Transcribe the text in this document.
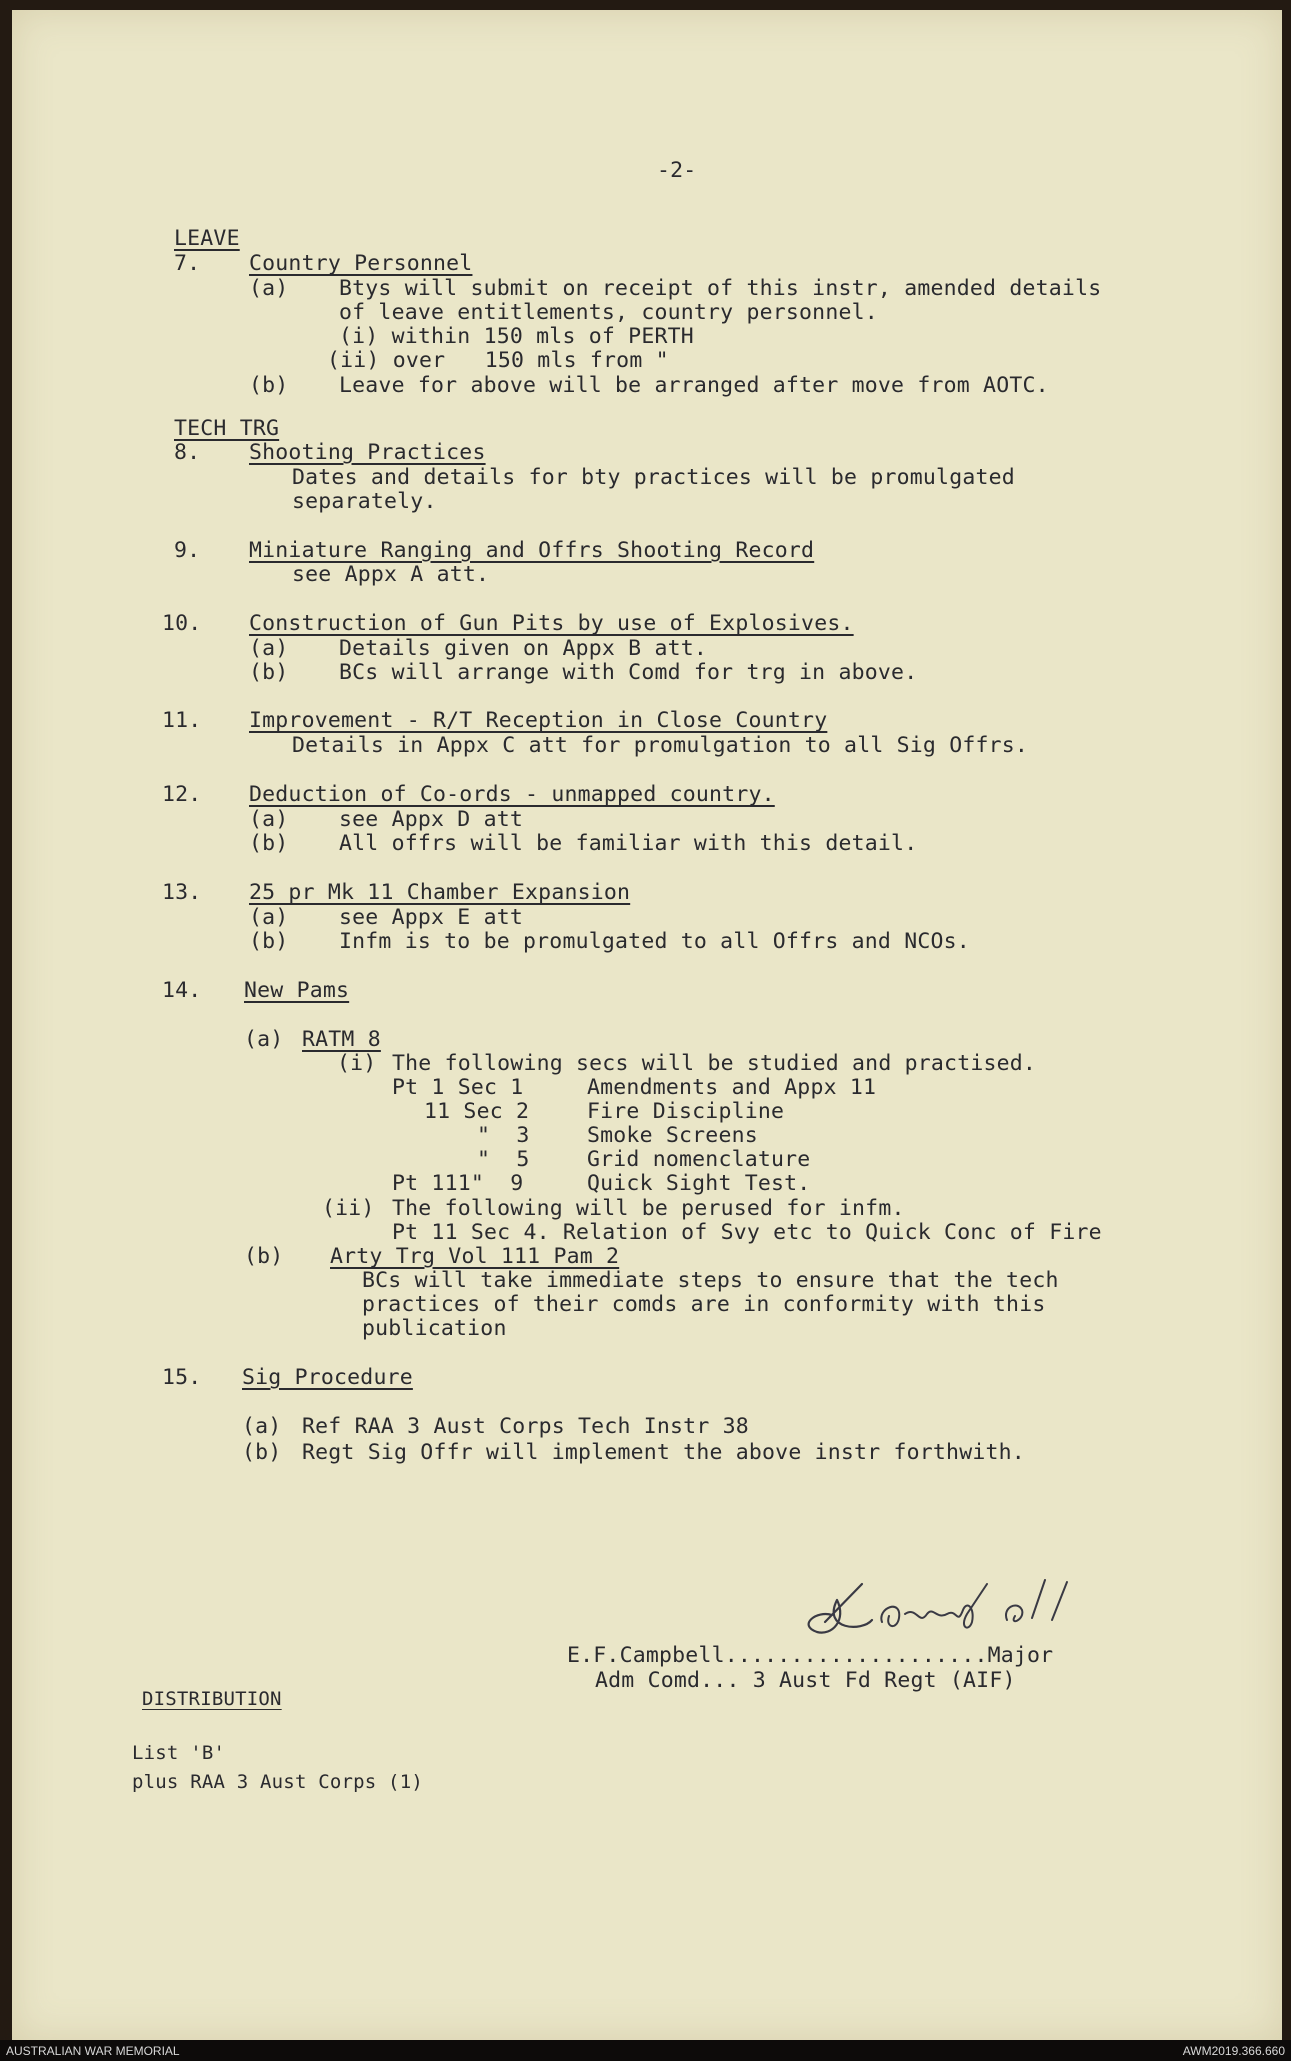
-2-
LEAVE
7. Country Personnel
(a) Btys will submit on receipt of this instr, amended details
of leave entitlements, country personnel.
(i) within 150 mls of PERTH
(ii) over   150 mls from "
(b) Leave for above will be arranged after move from AOTC.
TECH TRG
8. Shooting Practices
Dates and details for bty practices will be promulgated
separately.
9. Miniature Ranging and Offrs Shooting Record
see Appx A att.
10. Construction of Gun Pits by use of Explosives.
(a) Details given on Appx B att.
(b) BCs will arrange with Comd for trg in above.
11. Improvement - R/T Reception in Close Country
Details in Appx C att for promulgation to all Sig Offrs.
12. Deduction of Co-ords - unmapped country.
(a) see Appx D att
(b) All offrs will be familiar with this detail.
13. 25 pr Mk 11 Chamber Expansion
(a) see Appx E att
(b) Infm is to be promulgated to all Offrs and NCOs.
14. New Pams
(a) RATM 8
(i) The following secs will be studied and practised.
Pt 1 Sec 1	Amendments and Appx 11
11 Sec 2	Fire Discipline
"  3	Smoke Screens
"  5	Grid nomenclature
Pt 111"  9	Quick Sight Test.
(ii) The following will be perused for infm.
Pt 11 Sec 4. Relation of Svy etc to Quick Conc of Fire
(b) Arty Trg Vol 111 Pam 2
BCs will take immediate steps to ensure that the tech
practices of their comds are in conformity with this
publication
15. Sig Procedure
(a) Ref RAA 3 Aust Corps Tech Instr 38
(b) Regt Sig Offr will implement the above instr forthwith.
E.F.Campbell....................Major
Adm Comd... 3 Aust Fd Regt (AIF)
DISTRIBUTION
List 'B'
plus RAA 3 Aust Corps (1)
AUSTRALIAN WAR MEMORIAL	AWM2019.366.660
